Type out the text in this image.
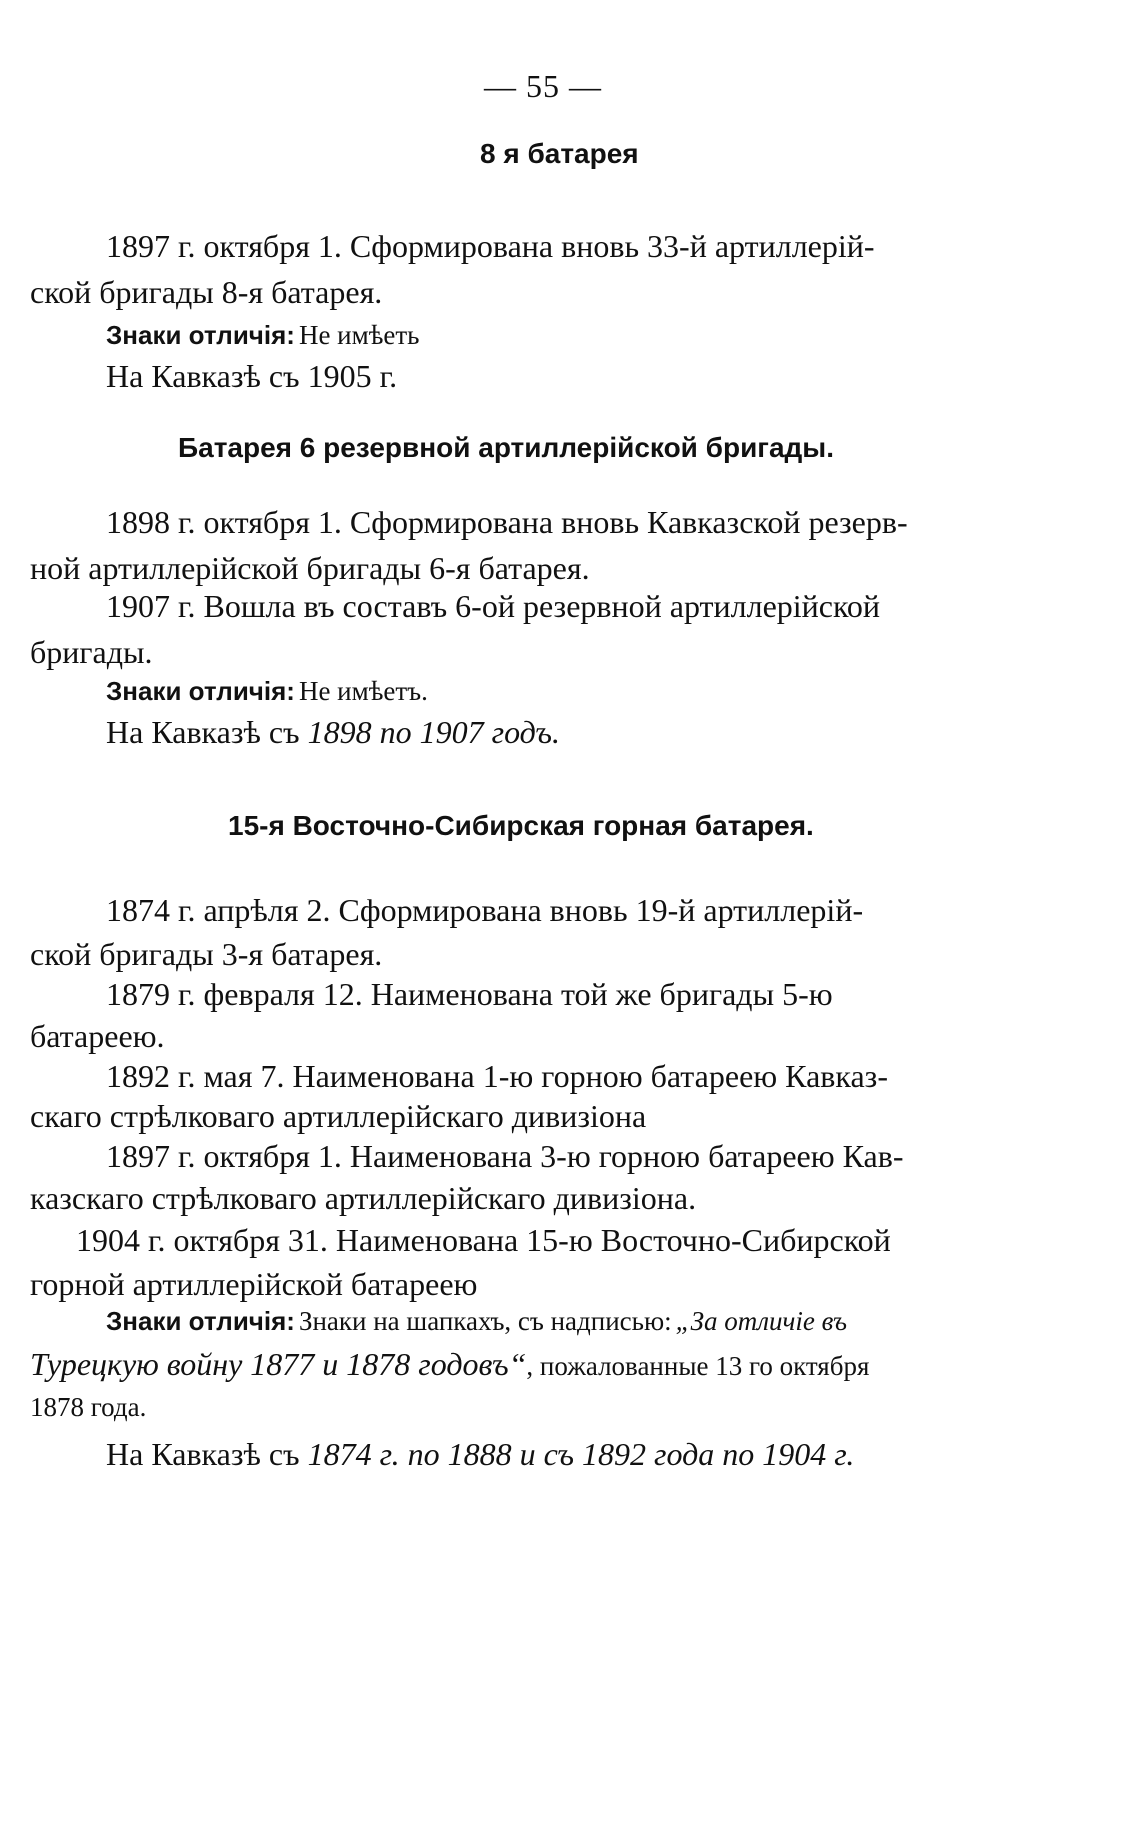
— 55 —
8 я батарея
1897 г. октября 1. Сформирована вновь 33-й артиллерій-
ской бригады 8-я батарея.
Знаки отличія: Не имѣеть
На Кавказѣ съ 1905 г.
Батарея 6 резервной артиллерійской бригады.
1898 г. октября 1. Сформирована вновь Кавказской резерв-
ной артиллерійской бригады 6-я батарея.
1907 г. Вошла въ составъ 6-ой резервной артиллерійской
бригады.
Знаки отличія: Не имѣетъ.
На Кавказѣ съ 1898 по 1907 годъ.
15-я Восточно-Сибирская горная батарея.
1874 г. апрѣля 2. Сформирована вновь 19-й артиллерій-
ской бригады 3-я батарея.
1879 г. февраля 12. Наименована той же бригады 5-ю
батареею.
1892 г. мая 7. Наименована 1-ю горною батареею Кавказ-
скаго стрѣлковаго артиллерійскаго дивизіона
1897 г. октября 1. Наименована 3-ю горною батареею Кав-
казскаго стрѣлковаго артиллерійскаго дивизіона.
1904 г. октября 31. Наименована 15-ю Восточно-Сибирской
горной артиллерійской батареею
Знаки отличія: Знаки на шапкахъ, съ надписью: „За отличіе въ
Турецкую войну 1877 и 1878 годовъ“, пожалованные 13 го октября
1878 года.
На Кавказѣ съ 1874 г. по 1888 и съ 1892 года по 1904 г.
